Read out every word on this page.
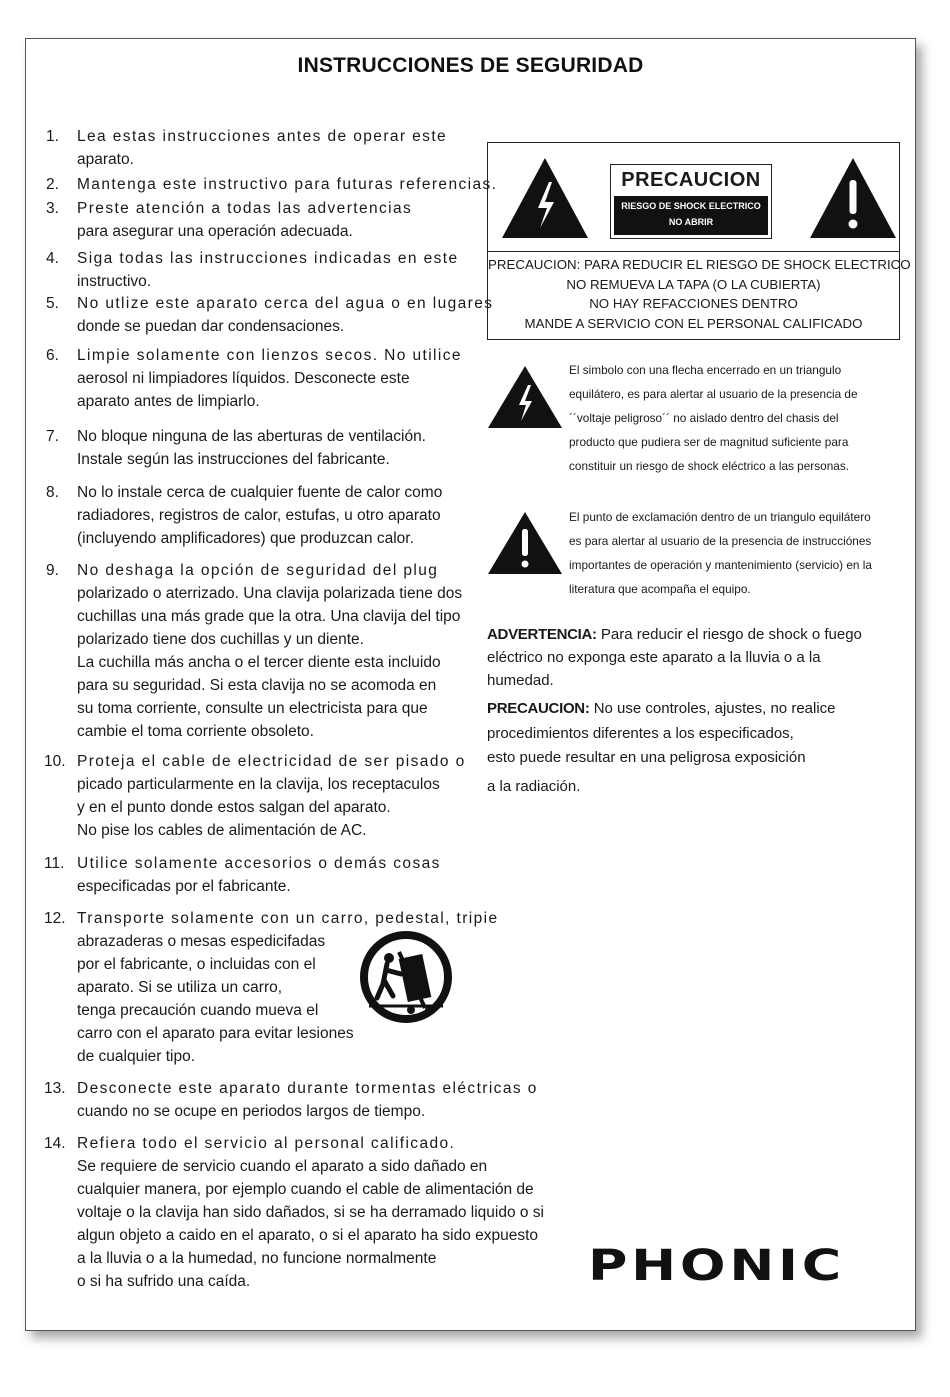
INSTRUCCIONES DE SEGURIDAD
1. Lea estas instrucciones antes de operar este
aparato.
2. Mantenga este instructivo para futuras referencias.
3. Preste atención a todas las advertencias
para asegurar una operación adecuada.
4. Siga todas las instrucciones indicadas en este
instructivo.
5. No utlize este aparato cerca del agua o en lugares
donde se puedan dar condensaciones.
6. Limpie solamente con lienzos secos. No utilice
aerosol ni limpiadores líquidos. Desconecte este
aparato antes de limpiarlo.
7. No bloque ninguna de las aberturas de ventilación.
Instale según las instrucciones del fabricante.
8. No lo instale cerca de cualquier fuente de calor como
radiadores, registros de calor, estufas, u otro aparato
(incluyendo amplificadores) que produzcan calor.
9. No deshaga la opción de seguridad del plug
polarizado o aterrizado. Una clavija polarizada tiene dos
cuchillas una más grade que la otra. Una clavija del tipo
polarizado tiene dos cuchillas y un diente.
La cuchilla más ancha o el tercer diente esta incluido
para su seguridad. Si esta clavija no se acomoda en
su toma corriente, consulte un electricista para que
cambie el toma corriente obsoleto.
10. Proteja el cable de electricidad de ser pisado o
picado particularmente en la clavija, los receptaculos
y en el punto donde estos salgan del aparato.
No pise los cables de alimentación de AC.
11. Utilice solamente accesorios o demás cosas
especificadas por el fabricante.
12. Transporte solamente con un carro, pedestal, tripie
abrazaderas o mesas espedicifadas
por el fabricante, o incluidas con el
aparato. Si se utiliza un carro,
tenga precaución cuando mueva el
carro con el aparato para evitar lesiones
de cualquier tipo.
13. Desconecte este aparato durante tormentas eléctricas o
cuando no se ocupe en periodos largos de tiempo.
14. Refiera todo el servicio al personal calificado.
Se requiere de servicio cuando el aparato a sido dañado en
cualquier manera, por ejemplo cuando el cable de alimentación de
voltaje o la clavija han sido dañados, si se ha derramado liquido o si
algun objeto a caido en el aparato, o si el aparato ha sido expuesto
a la lluvia o a la humedad, no funcione normalmente
o si ha sufrido una caída.
PRECAUCION
RIESGO DE SHOCK ELECTRICO
NO ABRIR
PRECAUCION: PARA REDUCIR EL RIESGO DE SHOCK ELECTRICO
NO REMUEVA LA TAPA (O LA CUBIERTA)
NO HAY REFACCIONES DENTRO
MANDE A SERVICIO CON EL PERSONAL CALIFICADO
El simbolo con una flecha encerrado en un triangulo
equilátero, es para alertar al usuario de la presencia de
´´voltaje peligroso´´ no aislado dentro del chasis del
producto que pudiera ser de magnitud suficiente para
constituir un riesgo de shock eléctrico a las personas.
El punto de exclamación dentro de un triangulo equilátero
es para alertar al usuario de la presencia de instrucciónes
importantes de operación y mantenimiento (servicio) en la
literatura que acompaña el equipo.
ADVERTENCIA: Para reducir el riesgo de shock o fuego
eléctrico no exponga este aparato a la lluvia o a la
humedad.
PRECAUCION: No use controles, ajustes, no realice
procedimientos diferentes a los especificados,
esto puede resultar en una peligrosa exposición
a la radiación.
PHONIC
